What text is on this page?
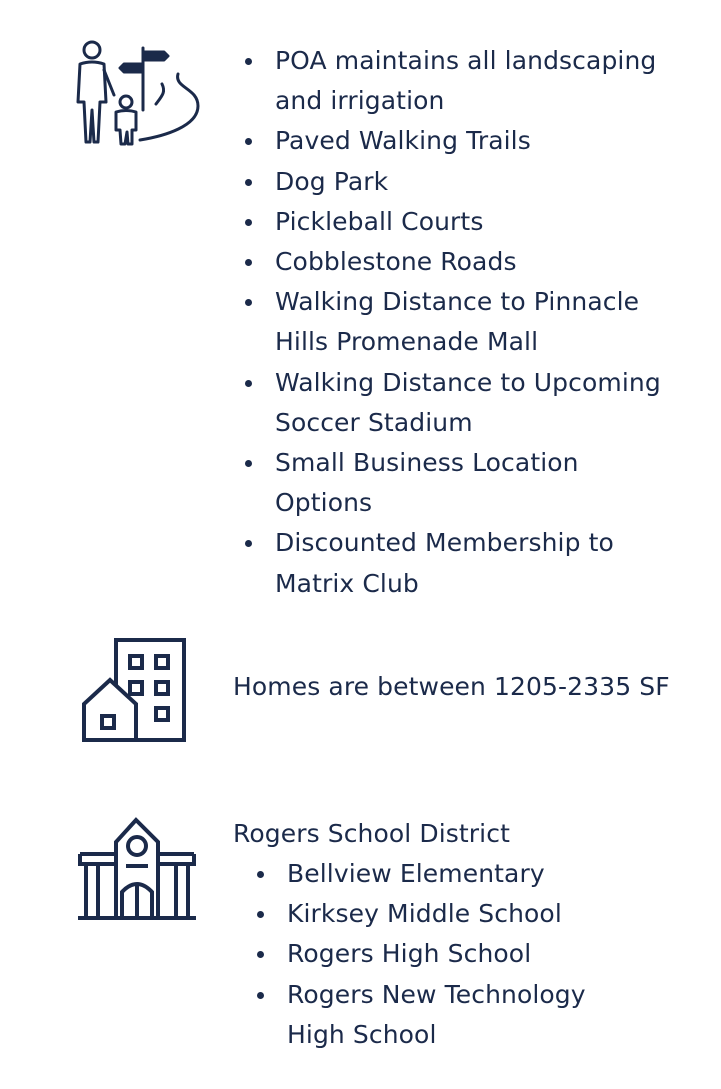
POA maintains all landscaping and irrigation
Paved Walking Trails
Dog Park
Pickleball Courts
Cobblestone Roads
Walking Distance to Pinnacle Hills Promenade Mall
Walking Distance to Upcoming Soccer Stadium
Small Business Location Options
Discounted Membership to Matrix Club
Homes are between 1205-2335 SF
Rogers School District
Bellview Elementary
Kirksey Middle School
Rogers High School
Rogers New Technology High School
